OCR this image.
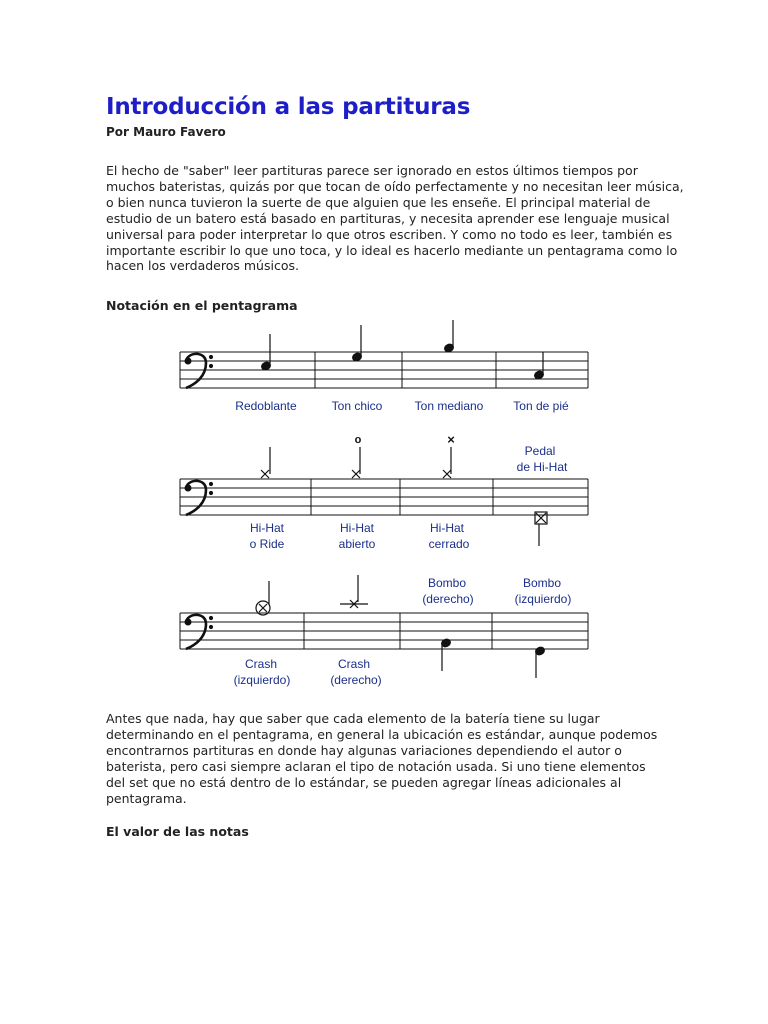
Introducción a las partituras

Por Mauro Favero

El hecho de "saber" leer partituras parece ser ignorado en estos últimos tiempos por muchos bateristas, quizás por que tocan de oído perfectamente y no necesitan leer música, o bien nunca tuvieron la suerte de que alguien que les enseñe. El principal material de estudio de un batero está basado en partituras, y necesita aprender ese lenguaje musical universal para poder interpretar lo que otros escriben. Y como no todo es leer, también es importante escribir lo que uno toca, y lo ideal es hacerlo mediante un pentagrama como lo hacen los verdaderos músicos.

Notación en el pentagrama

o	×
Redoblante	Ton chico	Ton mediano Ton de pié
Pedal
de Hi-Hat
Hi-Hat
o Ride
Hi-Hat
abierto
Hi-Hat
cerrado
Bombo
(derecho)
Bombo
(izquierdo)
Crash
(izquierdo)
Crash
(derecho)

Antes que nada, hay que saber que cada elemento de la batería tiene su lugar determinando en el pentagrama, en general la ubicación es estándar, aunque podemos encontrarnos partituras en donde hay algunas variaciones dependiendo el autor o baterista, pero casi siempre aclaran el tipo de notación usada. Si uno tiene elementos del set que no está dentro de lo estándar, se pueden agregar líneas adicionales al pentagrama.

El valor de las notas
